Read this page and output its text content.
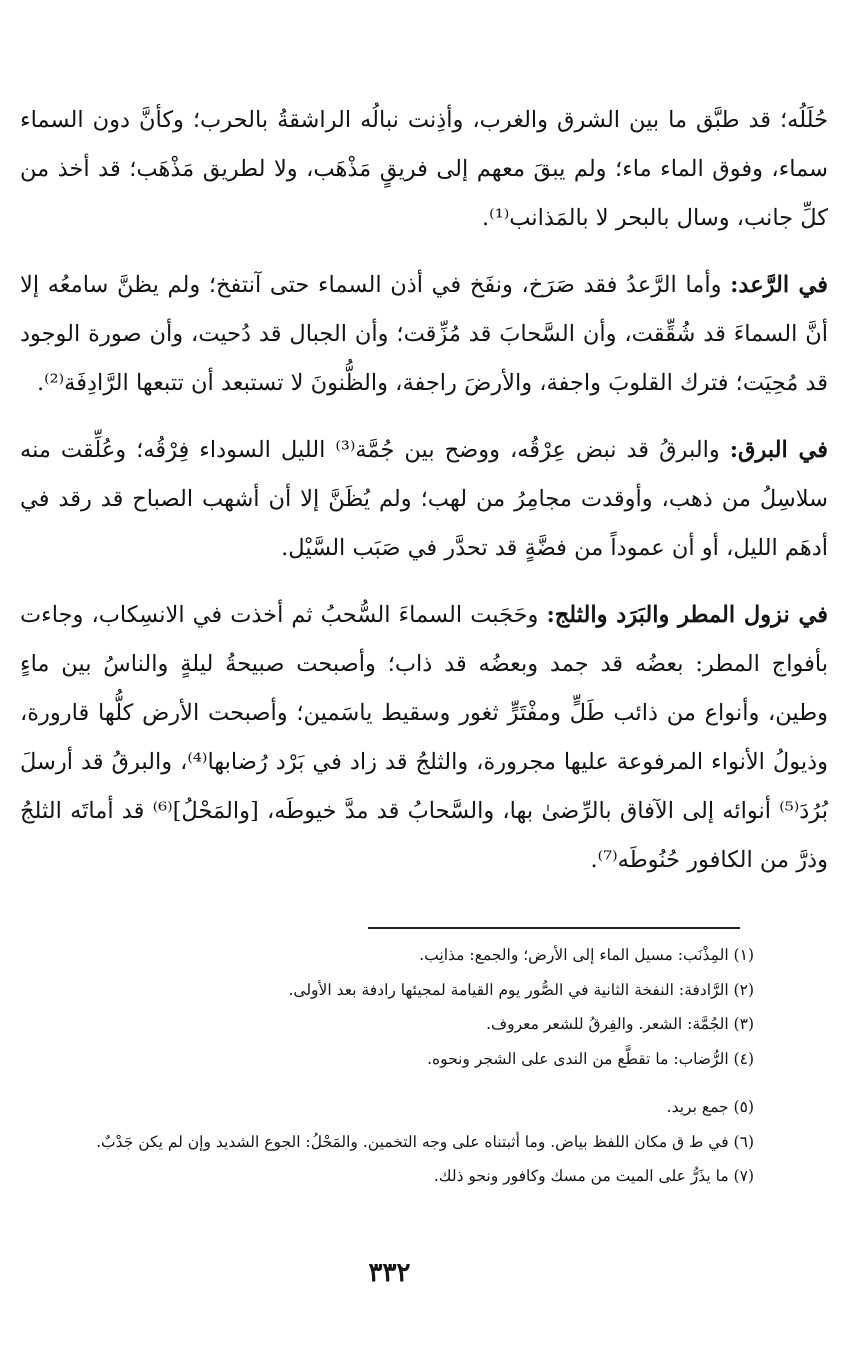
حُلَلُه؛ قد طبَّق ما بين الشرق والغرب، وأذِنت نبالُه الراشقةُ بالحرب؛ وكأنَّ دون السماء سماء، وفوق الماء ماء؛ ولم يبقَ معهم إلى فريقٍ مَذْهَب، ولا لطريق مَذْهَب؛ قد أخذ من كلِّ جانب، وسال بالبحر لا بالمَذانب⁽¹⁾.

في الرَّعد: وأما الرَّعدُ فقد صَرَخ، ونفَخ في أذن السماء حتى آنتفخ؛ ولم يظنَّ سامعُه إلا أنَّ السماءَ قد شُقِّقت، وأن السَّحابَ قد مُزِّقت؛ وأن الجبال قد دُحيت، وأن صورة الوجود قد مُحِيَت؛ فترك القلوبَ واجفة، والأرضَ راجفة، والظُّنونَ لا تستبعد أن تتبعها الرَّادِفَة⁽²⁾.

في البرق: والبرقُ قد نبض عِرْقُه، ووضح بين جُمَّة⁽³⁾ الليل السوداء فِرْقُه؛ وعُلِّقت منه سلاسِلُ من ذهب، وأوقدت مجامِرُ من لهب؛ ولم يُظَنَّ إلا أن أشهب الصباح قد رقد في أدهَم الليل، أو أن عموداً من فضَّةٍ قد تحدَّر في صَبَب السَّيْل.

في نزول المطر والبَرَد والثلج: وحَجَبت السماءَ السُّحبُ ثم أخذت في الانسِكاب، وجاءت بأفواج المطر: بعضُه قد جمد وبعضُه قد ذاب؛ وأصبحت صبيحةُ ليلةٍ والناسُ بين ماءٍ وطين، وأنواع من ذائب طَلٍّ ومفْتَرٍّ ثغور وسقيط ياسَمين؛ وأصبحت الأرض كلُّها قارورة، وذيولُ الأنواء المرفوعة عليها مجرورة، والثلجُ قد زاد في بَرْد رُضابها⁽⁴⁾، والبرقُ قد أرسلَ بُرُدَ⁽⁵⁾ أنوائه إلى الآفاق بالرِّضىٰ بها، والسَّحابُ قد مدَّ خيوطَه، [والمَحْلُ]⁽⁶⁾ قد أماتَه الثلجُ وذرَّ من الكافور حُنُوطَه⁽⁷⁾.

(١) المِذْنَب: مسيل الماء إلى الأرض؛ والجمع: مذانِب.

(٢) الرَّادفة: النفخة الثانية في الصُّور يوم القيامة لمجيئها رادفة بعد الأولى.

(٣) الجُمَّة: الشعر. والفِرقُ للشعر معروف.

(٤) الرُّضاب: ما تقطَّع من الندى على الشجر ونحوه.

(٥) جمع بريد.

(٦) في ط ق مكان اللفظ بياض. وما أثبتناه على وجه التخمين. والمَحْلُ: الجوع الشديد وإن لم يكن جَدْبٌ.

(٧) ما يذَرُّ على الميت من مسك وكافور ونحو ذلك.

٣٣٢
